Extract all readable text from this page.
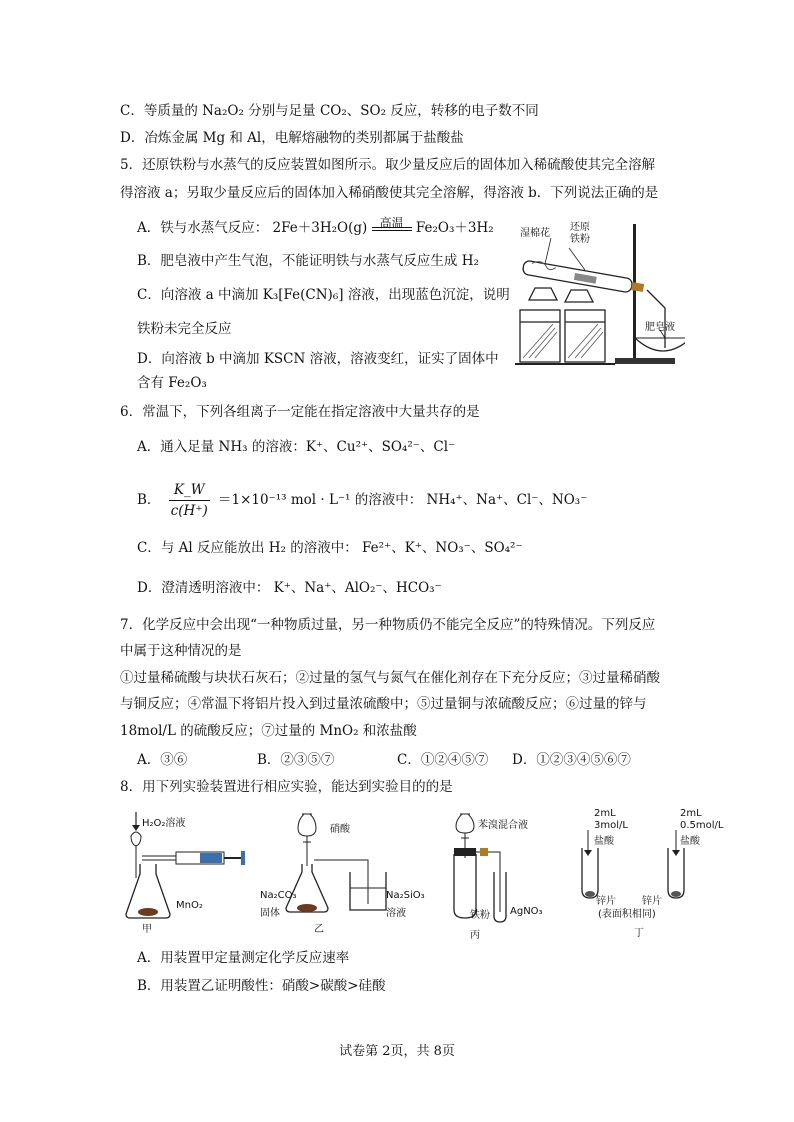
C．等质量的 Na₂O₂ 分别与足量 CO₂、SO₂ 反应，转移的电子数不同
D．冶炼金属 Mg 和 Al，电解熔融物的类别都属于盐酸盐
5．还原铁粉与水蒸气的反应装置如图所示。取少量反应后的固体加入稀硫酸使其完全溶解
得溶液 a；另取少量反应后的固体加入稀硝酸使其完全溶解，得溶液 b．下列说法正确的是
A．铁与水蒸气反应： 2Fe＋3H₂O(g)	高温 Fe₂O₃＋3H₂
B．肥皂液中产生气泡，不能证明铁与水蒸气反应生成 H₂
C．向溶液 a 中滴加 K₃[Fe(CN)₆] 溶液，出现蓝色沉淀，说明
铁粉未完全反应
D．向溶液 b 中滴加 KSCN 溶液，溶液变红，证实了固体中
含有 Fe₂O₃
湿棉花
还原
铁粉
肥皂液
6．常温下，下列各组离子一定能在指定溶液中大量共存的是
A．通入足量 NH₃ 的溶液：K⁺、Cu²⁺、SO₄²⁻、Cl⁻
B． $\frac{K\_W}{c(H^+)} =1\times 10^{-13}$ mol · L⁻¹ 的溶液中： NH₄⁺、Na⁺、Cl⁻、NO₃⁻
C．与 Al 反应能放出 H₂ 的溶液中： Fe²⁺、K⁺、NO₃⁻、SO₄²⁻
D．澄清透明溶液中： K⁺、Na⁺、AlO₂⁻、HCO₃⁻
7．化学反应中会出现“一种物质过量，另一种物质仍不能完全反应”的特殊情况。下列反应
中属于这种情况的是
①过量稀硫酸与块状石灰石；②过量的氢气与氮气在催化剂存在下充分反应；③过量稀硝酸
与铜反应；④常温下将铝片投入到过量浓硫酸中；⑤过量铜与浓硫酸反应；⑥过量的锌与
18mol/L 的硫酸反应；⑦过量的 MnO₂ 和浓盐酸
A．③⑥	B．②③⑤⑦	C．①②④⑤⑦ D．①②③④⑤⑥⑦
8．用下列实验装置进行相应实验，能达到实验目的的是
H₂O₂溶液
MnO₂
甲
硝酸
Na₂CO₃
固体
Na₂SiO₃
溶液
乙
苯溴混合液
铁粉 AgNO₃
丙
2mL
3mol/L
盐酸
2mL
0.5mol/L
盐酸
锌片	锌片
(表面积相同)
丁
A．用装置甲定量测定化学反应速率
B．用装置乙证明酸性：硝酸>碳酸>硅酸
试卷第 2页，共 8页
